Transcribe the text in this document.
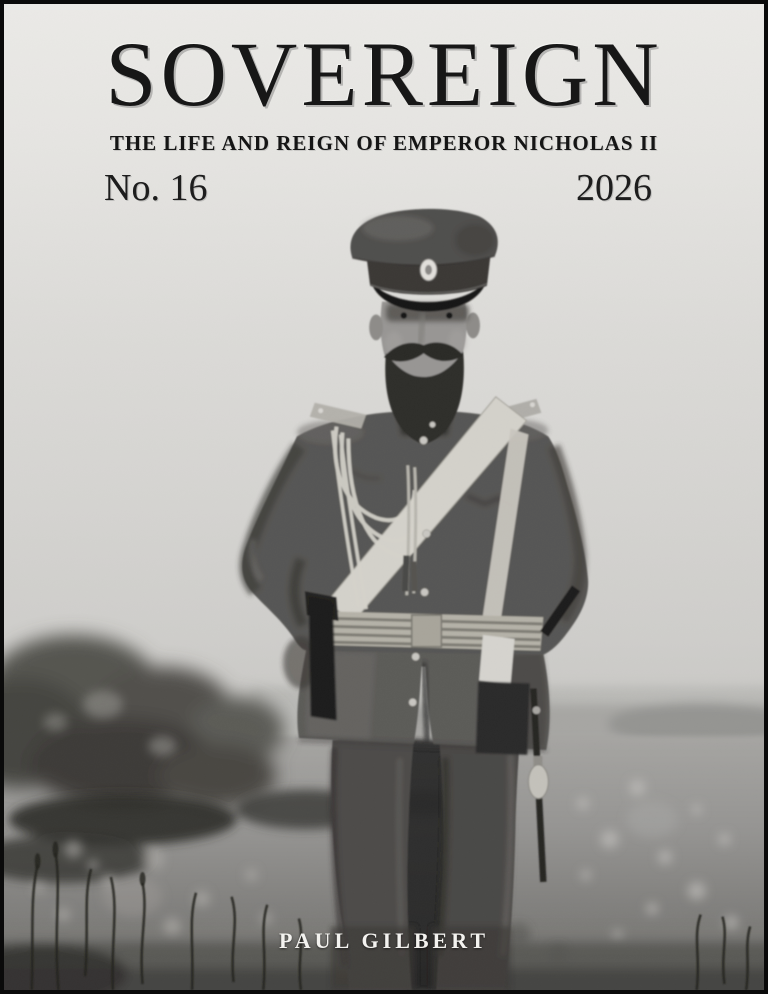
SOVEREIGN
THE LIFE AND REIGN OF EMPEROR NICHOLAS II
No. 16	2026
PAUL GILBERT
